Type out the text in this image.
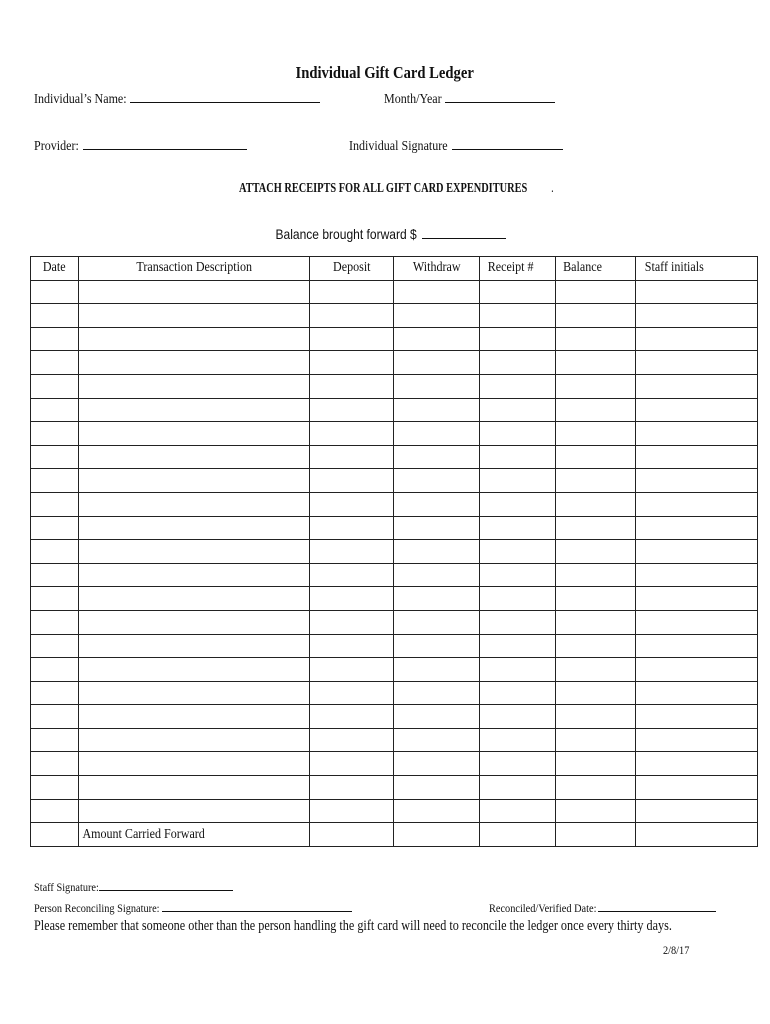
Individual Gift Card Ledger
Individual’s Name:	Month/Year
Provider:	Individual Signature
ATTACH RECEIPTS FOR ALL GIFT CARD EXPENDITURES .
Balance brought forward $
Date	Transaction Description	Deposit	Withdraw	Receipt #	Balance	Staff initials

	Amount Carried Forward					
Staff Signature:
Person Reconciling Signature:	Reconciled/Verified Date:
Please remember that someone other than the person handling the gift card will need to reconcile the ledger once every thirty days.
2/8/17
